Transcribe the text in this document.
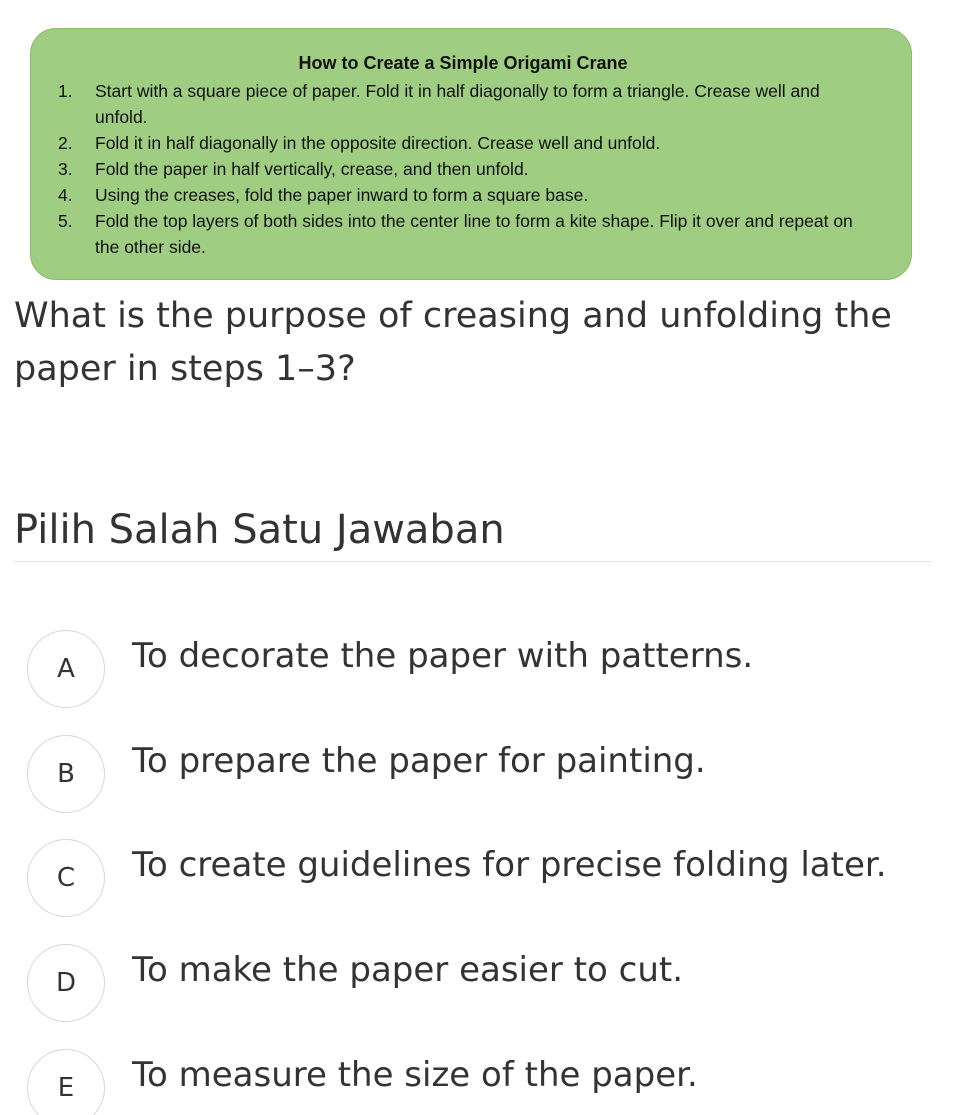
How to Create a Simple Origami Crane
1. Start with a square piece of paper. Fold it in half diagonally to form a triangle. Crease well and unfold.
2. Fold it in half diagonally in the opposite direction. Crease well and unfold.
3. Fold the paper in half vertically, crease, and then unfold.
4. Using the creases, fold the paper inward to form a square base.
5. Fold the top layers of both sides into the center line to form a kite shape. Flip it over and repeat on the other side.

What is the purpose of creasing and unfolding the paper in steps 1–3?

Pilih Salah Satu Jawaban
A	To decorate the paper with patterns.
B	To prepare the paper for painting.
C	To create guidelines for precise folding later.
D	To make the paper easier to cut.
E	To measure the size of the paper.
